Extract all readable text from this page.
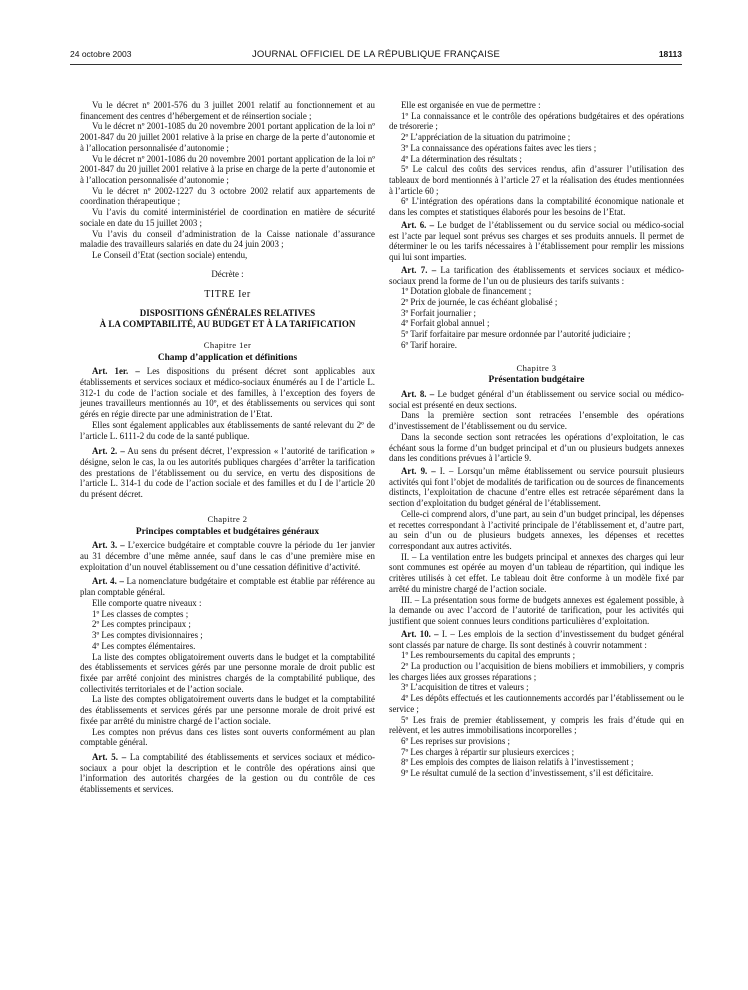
24 octobre 2003	JOURNAL OFFICIEL DE LA RÉPUBLIQUE FRANÇAISE	18113

Vu le décret nº 2001-576 du 3 juillet 2001 relatif au fonctionnement et au financement des centres d’hébergement et de réinsertion sociale ;

Vu le décret nº 2001-1085 du 20 novembre 2001 portant application de la loi nº 2001-847 du 20 juillet 2001 relative à la prise en charge de la perte d’autonomie et à l’allocation personnalisée d’autonomie ;

Vu le décret nº 2001-1086 du 20 novembre 2001 portant application de la loi nº 2001-847 du 20 juillet 2001 relative à la prise en charge de la perte d’autonomie et à l’allocation personnalisée d’autonomie ;

Vu le décret nº 2002-1227 du 3 octobre 2002 relatif aux appartements de coordination thérapeutique ;

Vu l’avis du comité interministériel de coordination en matière de sécurité sociale en date du 15 juillet 2003 ;

Vu l’avis du conseil d’administration de la Caisse nationale d’assurance maladie des travailleurs salariés en date du 24 juin 2003 ;

Le Conseil d’Etat (section sociale) entendu,

Décrète :

TITRE Ier
DISPOSITIONS GÉNÉRALES RELATIVES
À LA COMPTABILITÉ, AU BUDGET ET À LA TARIFICATION
Chapitre 1er
Champ d’application et définitions

Art. 1er. – Les dispositions du présent décret sont applicables aux établissements et services sociaux et médico-sociaux énumérés au I de l’article L. 312-1 du code de l’action sociale et des familles, à l’exception des foyers de jeunes travailleurs mentionnés au 10º, et des établissements ou services qui sont gérés en régie directe par une administration de l’Etat.

Elles sont également applicables aux établissements de santé relevant du 2º de l’article L. 6111-2 du code de la santé publique.

Art. 2. – Au sens du présent décret, l’expression « l’autorité de tarification » désigne, selon le cas, la ou les autorités publiques chargées d’arrêter la tarification des prestations de l’établissement ou du service, en vertu des dispositions de l’article L. 314-1 du code de l’action sociale et des familles et du I de l’article 20 du présent décret.

Chapitre 2
Principes comptables et budgétaires généraux

Art. 3. – L’exercice budgétaire et comptable couvre la période du 1er janvier au 31 décembre d’une même année, sauf dans le cas d’une première mise en exploitation d’un nouvel établissement ou d’une cessation définitive d’activité.

Art. 4. – La nomenclature budgétaire et comptable est établie par référence au plan comptable général.

Elle comporte quatre niveaux :

1º Les classes de comptes ;

2º Les comptes principaux ;

3º Les comptes divisionnaires ;

4º Les comptes élémentaires.

La liste des comptes obligatoirement ouverts dans le budget et la comptabilité des établissements et services gérés par une personne morale de droit public est fixée par arrêté conjoint des ministres chargés de la comptabilité publique, des collectivités territoriales et de l’action sociale.

La liste des comptes obligatoirement ouverts dans le budget et la comptabilité des établissements et services gérés par une personne morale de droit privé est fixée par arrêté du ministre chargé de l’action sociale.

Les comptes non prévus dans ces listes sont ouverts conformément au plan comptable général.

Art. 5. – La comptabilité des établissements et services sociaux et médico-sociaux a pour objet la description et le contrôle des opérations ainsi que l’information des autorités chargées de la gestion ou du contrôle de ces établissements et services.

Elle est organisée en vue de permettre :

1º La connaissance et le contrôle des opérations budgétaires et des opérations de trésorerie ;

2º L’appréciation de la situation du patrimoine ;

3º La connaissance des opérations faites avec les tiers ;

4º La détermination des résultats ;

5º Le calcul des coûts des services rendus, afin d’assurer l’utilisation des tableaux de bord mentionnés à l’article 27 et la réalisation des études mentionnées à l’article 60 ;

6º L’intégration des opérations dans la comptabilité économique nationale et dans les comptes et statistiques élaborés pour les besoins de l’Etat.

Art. 6. – Le budget de l’établissement ou du service social ou médico-social est l’acte par lequel sont prévus ses charges et ses produits annuels. Il permet de déterminer le ou les tarifs nécessaires à l’établissement pour remplir les missions qui lui sont imparties.

Art. 7. – La tarification des établissements et services sociaux et médico-sociaux prend la forme de l’un ou de plusieurs des tarifs suivants :

1º Dotation globale de financement ;

2º Prix de journée, le cas échéant globalisé ;

3º Forfait journalier ;

4º Forfait global annuel ;

5º Tarif forfaitaire par mesure ordonnée par l’autorité judiciaire ;

6º Tarif horaire.

Chapitre 3
Présentation budgétaire

Art. 8. – Le budget général d’un établissement ou service social ou médico-social est présenté en deux sections.

Dans la première section sont retracées l’ensemble des opérations d’investissement de l’établissement ou du service.

Dans la seconde section sont retracées les opérations d’exploitation, le cas échéant sous la forme d’un budget principal et d’un ou plusieurs budgets annexes dans les conditions prévues à l’article 9.

Art. 9. – I. – Lorsqu’un même établissement ou service poursuit plusieurs activités qui font l’objet de modalités de tarification ou de sources de financements distincts, l’exploitation de chacune d’entre elles est retracée séparément dans la section d’exploitation du budget général de l’établissement.

Celle-ci comprend alors, d’une part, au sein d’un budget principal, les dépenses et recettes correspondant à l’activité principale de l’établissement et, d’autre part, au sein d’un ou de plusieurs budgets annexes, les dépenses et recettes correspondant aux autres activités.

II. – La ventilation entre les budgets principal et annexes des charges qui leur sont communes est opérée au moyen d’un tableau de répartition, qui indique les critères utilisés à cet effet. Le tableau doit être conforme à un modèle fixé par arrêté du ministre chargé de l’action sociale.

III. – La présentation sous forme de budgets annexes est également possible, à la demande ou avec l’accord de l’autorité de tarification, pour les activités qui justifient que soient connues leurs conditions particulières d’exploitation.

Art. 10. – I. – Les emplois de la section d’investissement du budget général sont classés par nature de charge. Ils sont destinés à couvrir notamment :

1º Les remboursements du capital des emprunts ;

2º La production ou l’acquisition de biens mobiliers et immobiliers, y compris les charges liées aux grosses réparations ;

3º L’acquisition de titres et valeurs ;

4º Les dépôts effectués et les cautionnements accordés par l’établissement ou le service ;

5º Les frais de premier établissement, y compris les frais d’étude qui en relèvent, et les autres immobilisations incorporelles ;

6º Les reprises sur provisions ;

7º Les charges à répartir sur plusieurs exercices ;

8º Les emplois des comptes de liaison relatifs à l’investissement ;

9º Le résultat cumulé de la section d’investissement, s’il est déficitaire.
